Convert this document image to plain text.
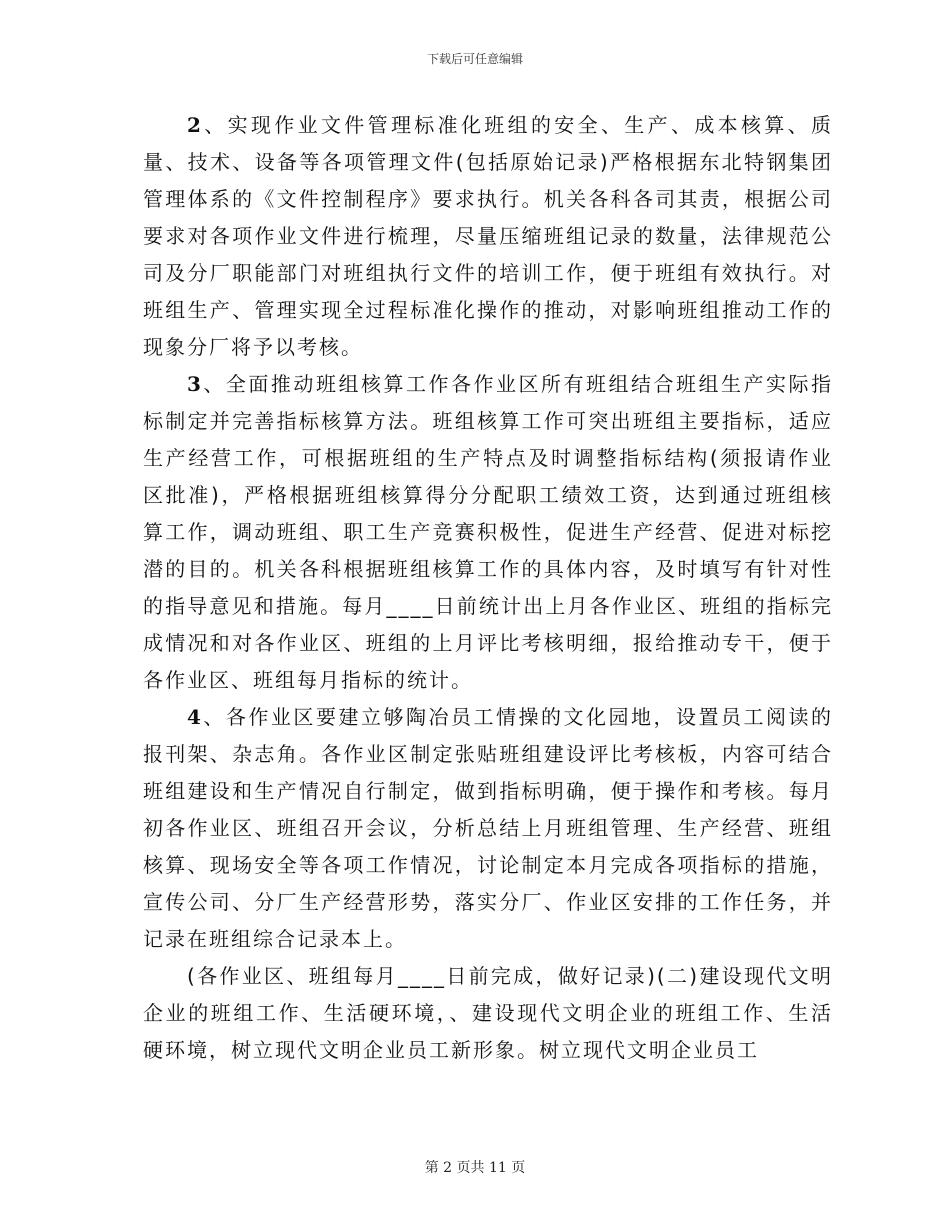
下载后可任意编辑

2、实现作业文件管理标准化班组的安全、生产、成本核算、质量、技术、设备等各项管理文件(包括原始记录)严格根据东北特钢集团管理体系的《文件控制程序》要求执行。机关各科各司其责，根据公司要求对各项作业文件进行梳理，尽量压缩班组记录的数量，法律规范公司及分厂职能部门对班组执行文件的培训工作，便于班组有效执行。对班组生产、管理实现全过程标准化操作的推动，对影响班组推动工作的现象分厂将予以考核。

3、全面推动班组核算工作各作业区所有班组结合班组生产实际指标制定并完善指标核算方法。班组核算工作可突出班组主要指标，适应生产经营工作，可根据班组的生产特点及时调整指标结构(须报请作业区批准)，严格根据班组核算得分分配职工绩效工资，达到通过班组核算工作，调动班组、职工生产竞赛积极性，促进生产经营、促进对标挖潜的目的。机关各科根据班组核算工作的具体内容，及时填写有针对性的指导意见和措施。每月____日前统计出上月各作业区、班组的指标完成情况和对各作业区、班组的上月评比考核明细，报给推动专干，便于各作业区、班组每月指标的统计。

4、各作业区要建立够陶冶员工情操的文化园地，设置员工阅读的报刊架、杂志角。各作业区制定张贴班组建设评比考核板，内容可结合班组建设和生产情况自行制定，做到指标明确，便于操作和考核。每月初各作业区、班组召开会议，分析总结上月班组管理、生产经营、班组核算、现场安全等各项工作情况，讨论制定本月完成各项指标的措施，宣传公司、分厂生产经营形势，落实分厂、作业区安排的工作任务，并记录在班组综合记录本上。

(各作业区、班组每月____日前完成，做好记录)(二)建设现代文明企业的班组工作、生活硬环境，、建设现代文明企业的班组工作、生活硬环境，树立现代文明企业员工新形象。树立现代文明企业员工

第 2 页共 11 页
